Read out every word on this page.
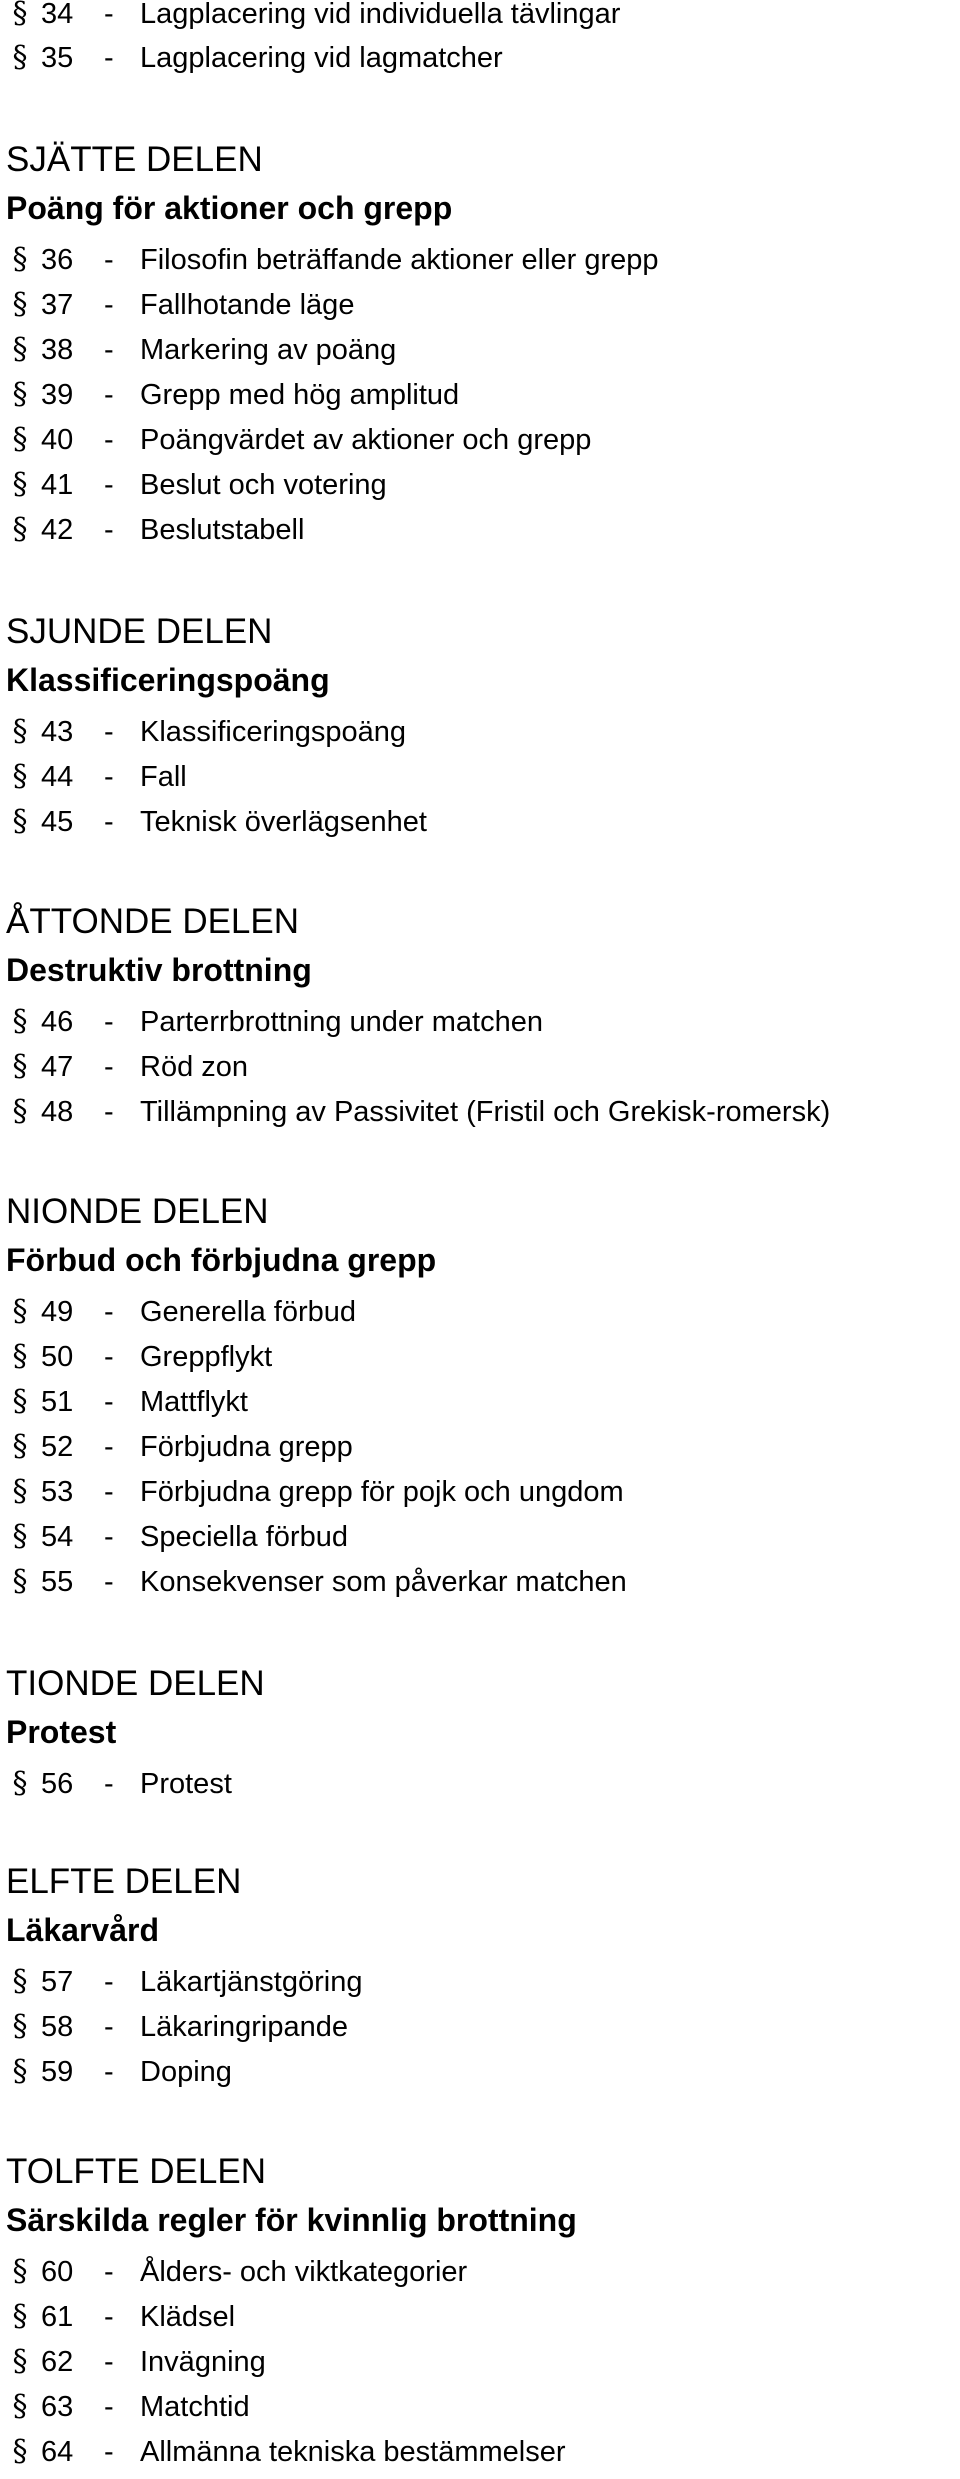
§ 34 - Lagplacering vid individuella tävlingar
§ 35 - Lagplacering vid lagmatcher
SJÄTTE DELEN
Poäng för aktioner och grepp
§ 36 - Filosofin beträffande aktioner eller grepp
§ 37 - Fallhotande läge
§ 38 - Markering av poäng
§ 39 - Grepp med hög amplitud
§ 40 - Poängvärdet av aktioner och grepp
§ 41 - Beslut och votering
§ 42 - Beslutstabell
SJUNDE DELEN
Klassificeringspoäng
§ 43 - Klassificeringspoäng
§ 44 - Fall
§ 45 - Teknisk överlägsenhet
ÅTTONDE DELEN
Destruktiv brottning
§ 46 - Parterrbrottning under matchen
§ 47 - Röd zon
§ 48 - Tillämpning av Passivitet (Fristil och Grekisk-romersk)
NIONDE DELEN
Förbud och förbjudna grepp
§ 49 - Generella förbud
§ 50 - Greppflykt
§ 51 - Mattflykt
§ 52 - Förbjudna grepp
§ 53 - Förbjudna grepp för pojk och ungdom
§ 54 - Speciella förbud
§ 55 - Konsekvenser som påverkar matchen
TIONDE DELEN
Protest
§ 56 - Protest
ELFTE DELEN
Läkarvård
§ 57 - Läkartjänstgöring
§ 58 - Läkaringripande
§ 59 - Doping
TOLFTE DELEN
Särskilda regler för kvinnlig brottning
§ 60 - Ålders- och viktkategorier
§ 61 - Klädsel
§ 62 - Invägning
§ 63 - Matchtid
§ 64 - Allmänna tekniska bestämmelser
